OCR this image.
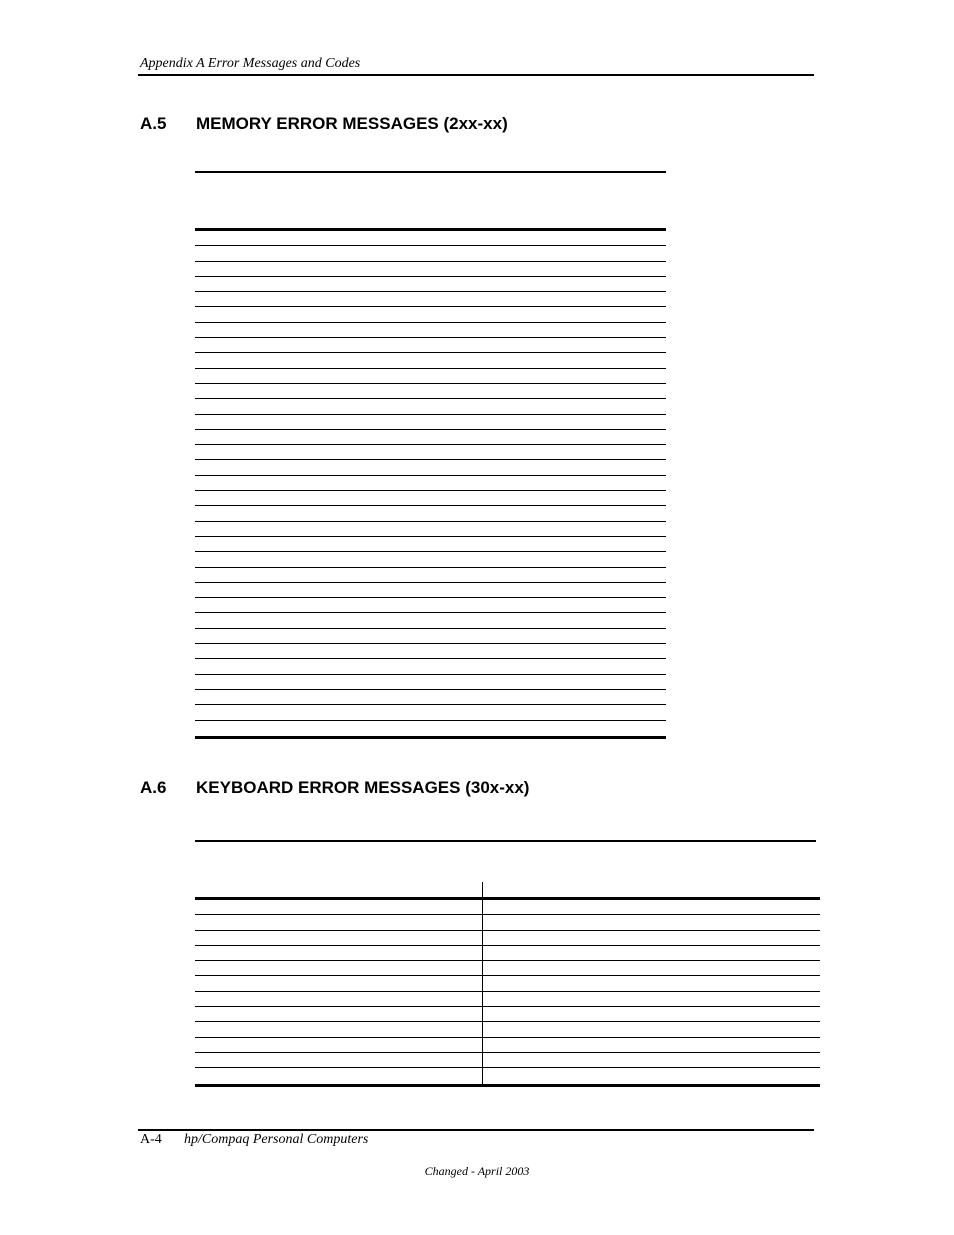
Appendix A Error Messages and Codes
A.5 MEMORY ERROR MESSAGES (2xx-xx)
A.6 KEYBOARD ERROR MESSAGES (30x-xx)
A-4 hp/Compaq Personal Computers
Changed - April 2003
